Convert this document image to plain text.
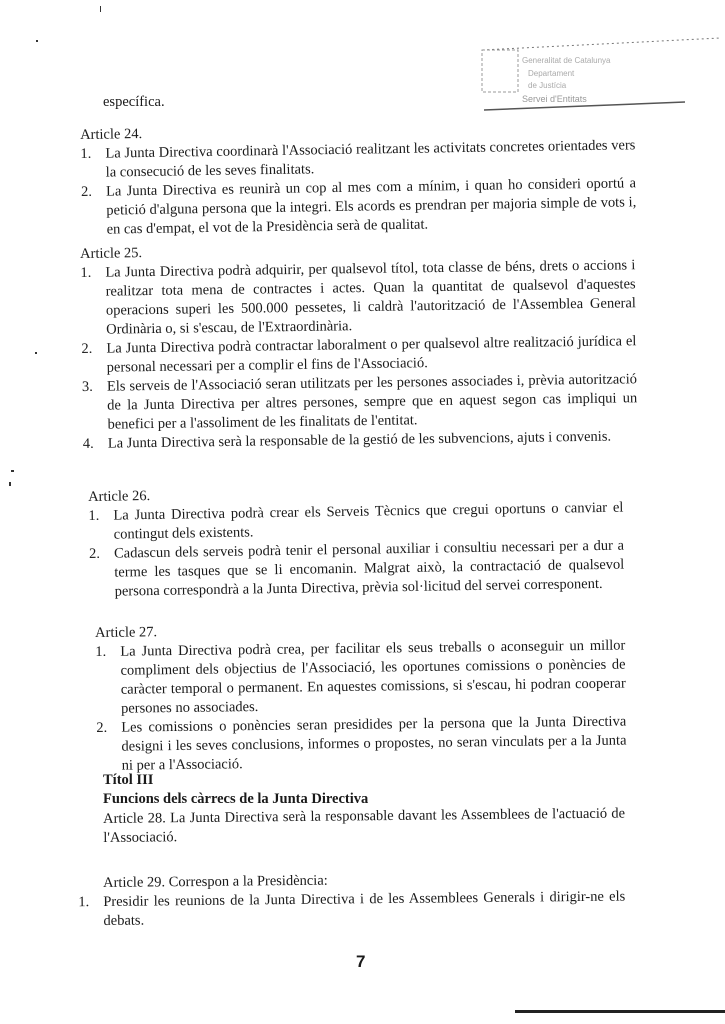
Generalitat de Catalunya
Departament
de Justícia
Servei d'Entitats
específica.
Article 24.
1. La Junta Directiva coordinarà l'Associació realitzant les activitats concretes orientades vers la consecució de les seves finalitats.
2. La Junta Directiva es reunirà un cop al mes com a mínim, i quan ho consideri oportú a petició d'alguna persona que la integri. Els acords es prendran per majoria simple de vots i, en cas d'empat, el vot de la Presidència serà de qualitat.
Article 25.
1. La Junta Directiva podrà adquirir, per qualsevol títol, tota classe de béns, drets o accions i realitzar tota mena de contractes i actes. Quan la quantitat de qualsevol d'aquestes operacions superi les 500.000 pessetes, li caldrà l'autorització de l'Assemblea General Ordinària o, si s'escau, de l'Extraordinària.
2. La Junta Directiva podrà contractar laboralment o per qualsevol altre realització jurídica el personal necessari per a complir el fins de l'Associació.
3. Els serveis de l'Associació seran utilitzats per les persones associades i, prèvia autorització de la Junta Directiva per altres persones, sempre que en aquest segon cas impliqui un benefici per a l'assoliment de les finalitats de l'entitat.
4. La Junta Directiva serà la responsable de la gestió de les subvencions, ajuts i convenis.
Article 26.
1. La Junta Directiva podrà crear els Serveis Tècnics que cregui oportuns o canviar el contingut dels existents.
2. Cadascun dels serveis podrà tenir el personal auxiliar i consultiu necessari per a dur a terme les tasques que se li encomanin. Malgrat això, la contractació de qualsevol persona correspondrà a la Junta Directiva, prèvia sol·licitud del servei corresponent.
Article 27.
1. La Junta Directiva podrà crea, per facilitar els seus treballs o aconseguir un millor compliment dels objectius de l'Associació, les oportunes comissions o ponències de caràcter temporal o permanent. En aquestes comissions, si s'escau, hi podran cooperar persones no associades.
2. Les comissions o ponències seran presidides per la persona que la Junta Directiva designi i les seves conclusions, informes o propostes, no seran vinculats per a la Junta ni per a l'Associació.
Títol III
Funcions dels càrrecs de la Junta Directiva
Article 28. La Junta Directiva serà la responsable davant les Assemblees de l'actuació de l'Associació.
Article 29. Correspon a la Presidència:
1. Presidir les reunions de la Junta Directiva i de les Assemblees Generals i dirigir-ne els debats.
7
